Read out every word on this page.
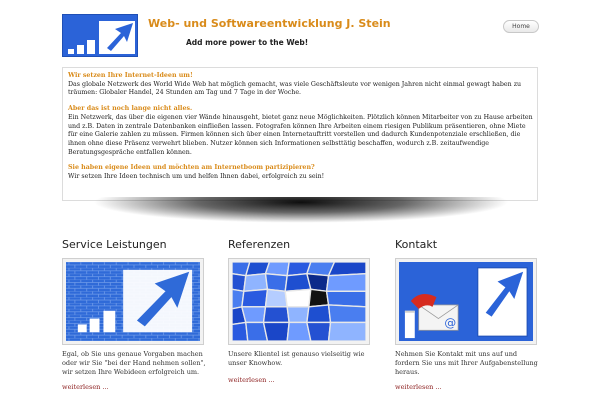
Web- und Softwareentwicklung J. Stein
Add more power to the Web!
Home
Wir setzen Ihre Internet-Ideen um!

Das globale Netzwerk des World Wide Web hat möglich gemacht, was viele Geschäftsleute vor wenigen Jahren nicht einmal gewagt haben zu träumen: Globaler Handel, 24 Stunden am Tag und 7 Tage in der Woche.

Aber das ist noch lange nicht alles.

Ein Netzwerk, das über die eigenen vier Wände hinausgeht, bietet ganz neue Möglichkeiten. Plötzlich können Mitarbeiter von zu Hause arbeiten und z.B. Daten in zentrale Datenbanken einfließen lassen. Fotografen können Ihre Arbeiten einem riesigen Publikum präsentieren, ohne Miete für eine Galerie zahlen zu müssen. Firmen können sich über einen Internetauftritt vorstellen und dadurch Kundenpotenziale erschließen, die ihnen ohne diese Präsenz verwehrt blieben. Nutzer können sich Informationen selbsttätig beschaffen, wodurch z.B. zeitaufwendige Beratungsgespräche entfallen können.

Sie haben eigene Ideen und möchten am Internetboom partizipieren?

Wir setzen Ihre Ideen technisch um und helfen Ihnen dabei, erfolgreich zu sein!

Service Leistungen
Egal, ob Sie uns genaue Vorgaben machen oder wir Sie "bei der Hand nehmen sollen", wir setzen Ihre Webideen erfolgreich um.
weiterlesen ...
Referenzen
Unsere Klientel ist genauso vielseitig wie unser Knowhow.
weiterlesen ...
Kontakt
@
Nehmen Sie Kontakt mit uns auf und fordern Sie uns mit Ihrer Aufgabenstellung heraus.
weiterlesen ...
